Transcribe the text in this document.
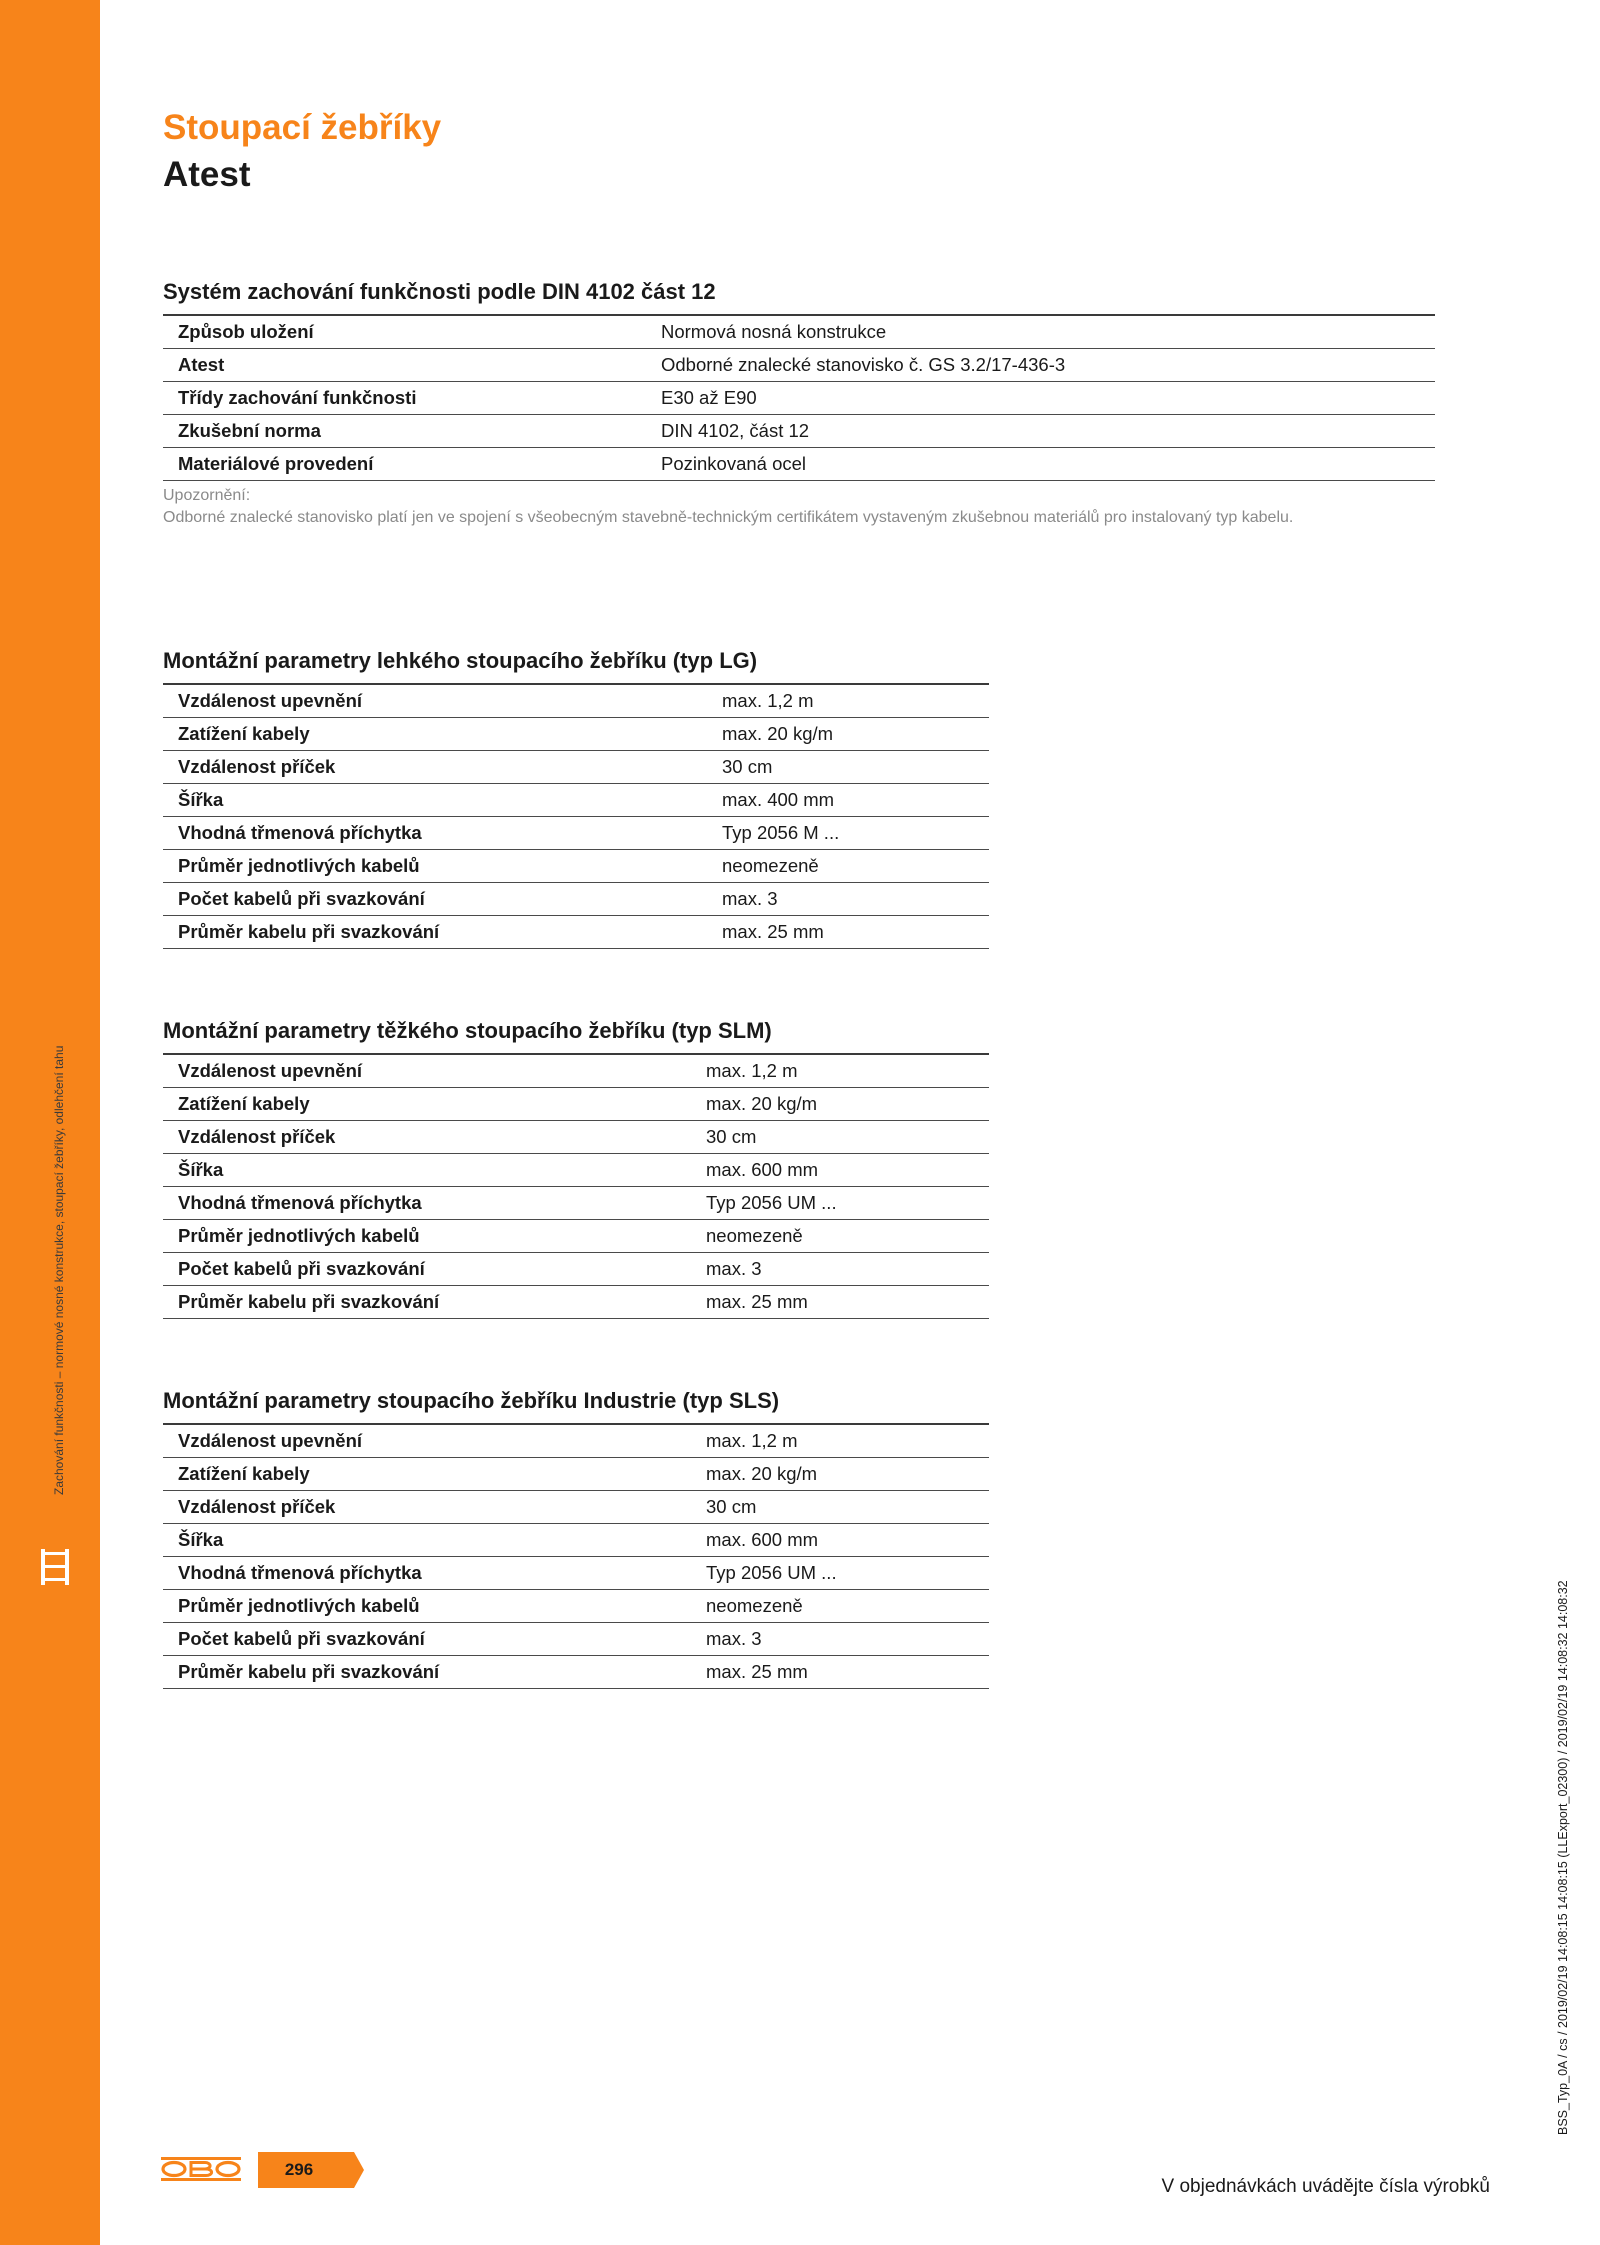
Zachování funkčnosti – normové nosné konstrukce, stoupací žebříky, odlehčení tahu
BSS_Typ_0A / cs / 2019/02/19 14:08:15 14:08:15 (LLExport_02300) / 2019/02/19 14:08:32 14:08:32
Stoupací žebříky
Atest
Systém zachování funkčnosti podle DIN 4102 část 12
Způsob uložení	Normová nosná konstrukce
Atest	Odborné znalecké stanovisko č. GS 3.2/17-436-3
Třídy zachování funkčnosti	E30 až E90
Zkušební norma	DIN 4102, část 12
Materiálové provedení	Pozinkovaná ocel
Upozornění:
Odborné znalecké stanovisko platí jen ve spojení s všeobecným stavebně-technickým certifikátem vystaveným zkušebnou materiálů pro instalovaný typ kabelu.
Montážní parametry lehkého stoupacího žebříku (typ LG)
Vzdálenost upevnění	max. 1,2 m
Zatížení kabely	max. 20 kg/m
Vzdálenost příček	30 cm
Šířka	max. 400 mm
Vhodná třmenová příchytka	Typ 2056 M ...
Průměr jednotlivých kabelů	neomezeně
Počet kabelů při svazkování	max. 3
Průměr kabelu při svazkování	max. 25 mm
Montážní parametry těžkého stoupacího žebříku (typ SLM)
Vzdálenost upevnění	max. 1,2 m
Zatížení kabely	max. 20 kg/m
Vzdálenost příček	30 cm
Šířka	max. 600 mm
Vhodná třmenová příchytka	Typ 2056 UM ...
Průměr jednotlivých kabelů	neomezeně
Počet kabelů při svazkování	max. 3
Průměr kabelu při svazkování	max. 25 mm
Montážní parametry stoupacího žebříku Industrie (typ SLS)
Vzdálenost upevnění	max. 1,2 m
Zatížení kabely	max. 20 kg/m
Vzdálenost příček	30 cm
Šířka	max. 600 mm
Vhodná třmenová příchytka	Typ 2056 UM ...
Průměr jednotlivých kabelů	neomezeně
Počet kabelů při svazkování	max. 3
Průměr kabelu při svazkování	max. 25 mm
296
V objednávkách uvádějte čísla výrobků
